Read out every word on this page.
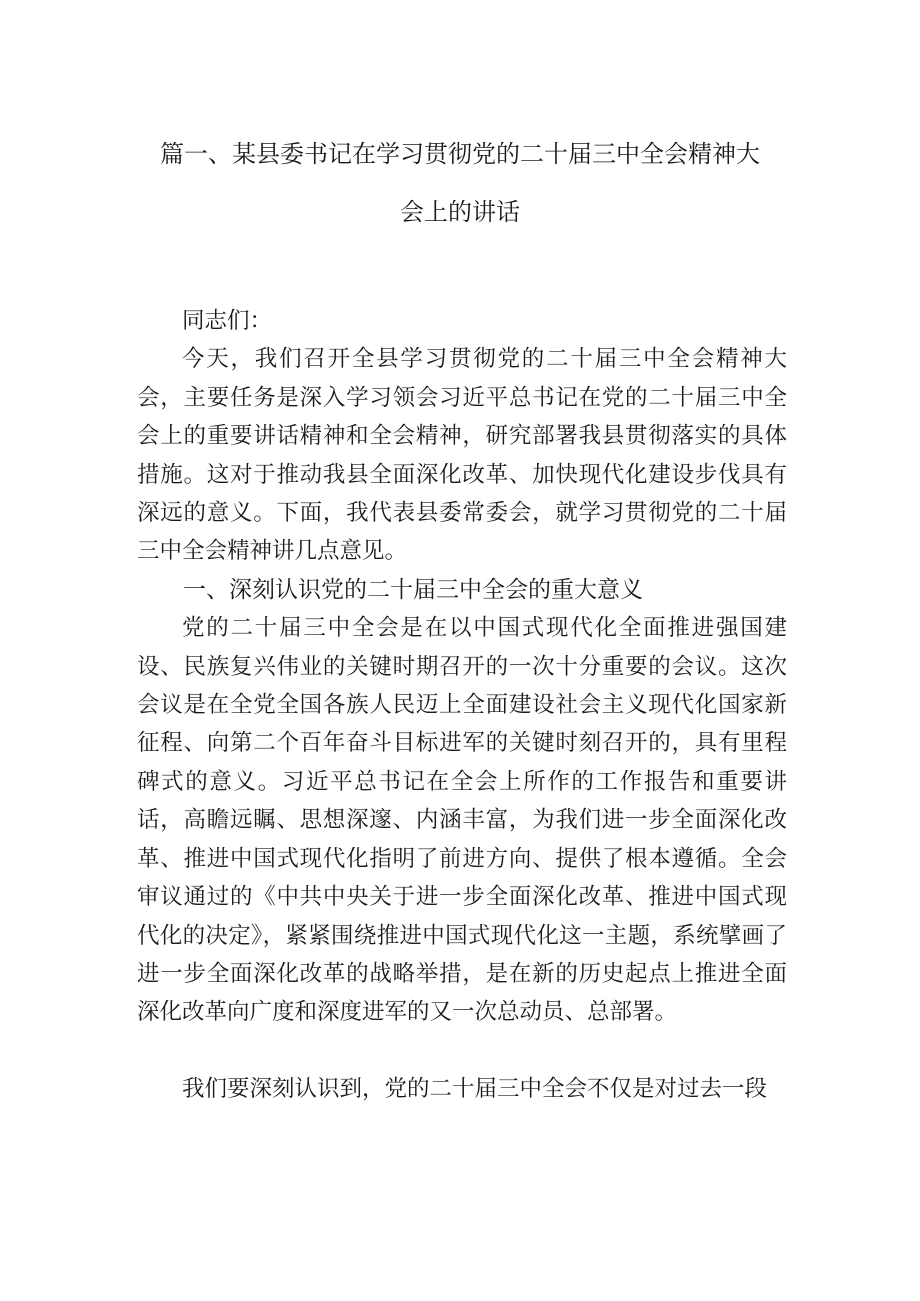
篇一、某县委书记在学习贯彻党的二十届三中全会精神大
会上的讲话

同志们：

今天，我们召开全县学习贯彻党的二十届三中全会精神大会，主要任务是深入学习领会习近平总书记在党的二十届三中全会上的重要讲话精神和全会精神，研究部署我县贯彻落实的具体措施。这对于推动我县全面深化改革、加快现代化建设步伐具有深远的意义。下面，我代表县委常委会，就学习贯彻党的二十届三中全会精神讲几点意见。

一、深刻认识党的二十届三中全会的重大意义

党的二十届三中全会是在以中国式现代化全面推进强国建设、民族复兴伟业的关键时期召开的一次十分重要的会议。这次会议是在全党全国各族人民迈上全面建设社会主义现代化国家新征程、向第二个百年奋斗目标进军的关键时刻召开的，具有里程碑式的意义。习近平总书记在全会上所作的工作报告和重要讲话，高瞻远瞩、思想深邃、内涵丰富，为我们进一步全面深化改革、推进中国式现代化指明了前进方向、提供了根本遵循。全会审议通过的《中共中央关于进一步全面深化改革、推进中国式现代化的决定》，紧紧围绕推进中国式现代化这一主题，系统擘画了进一步全面深化改革的战略举措，是在新的历史起点上推进全面深化改革向广度和深度进军的又一次总动员、总部署。

我们要深刻认识到，党的二十届三中全会不仅是对过去一段
